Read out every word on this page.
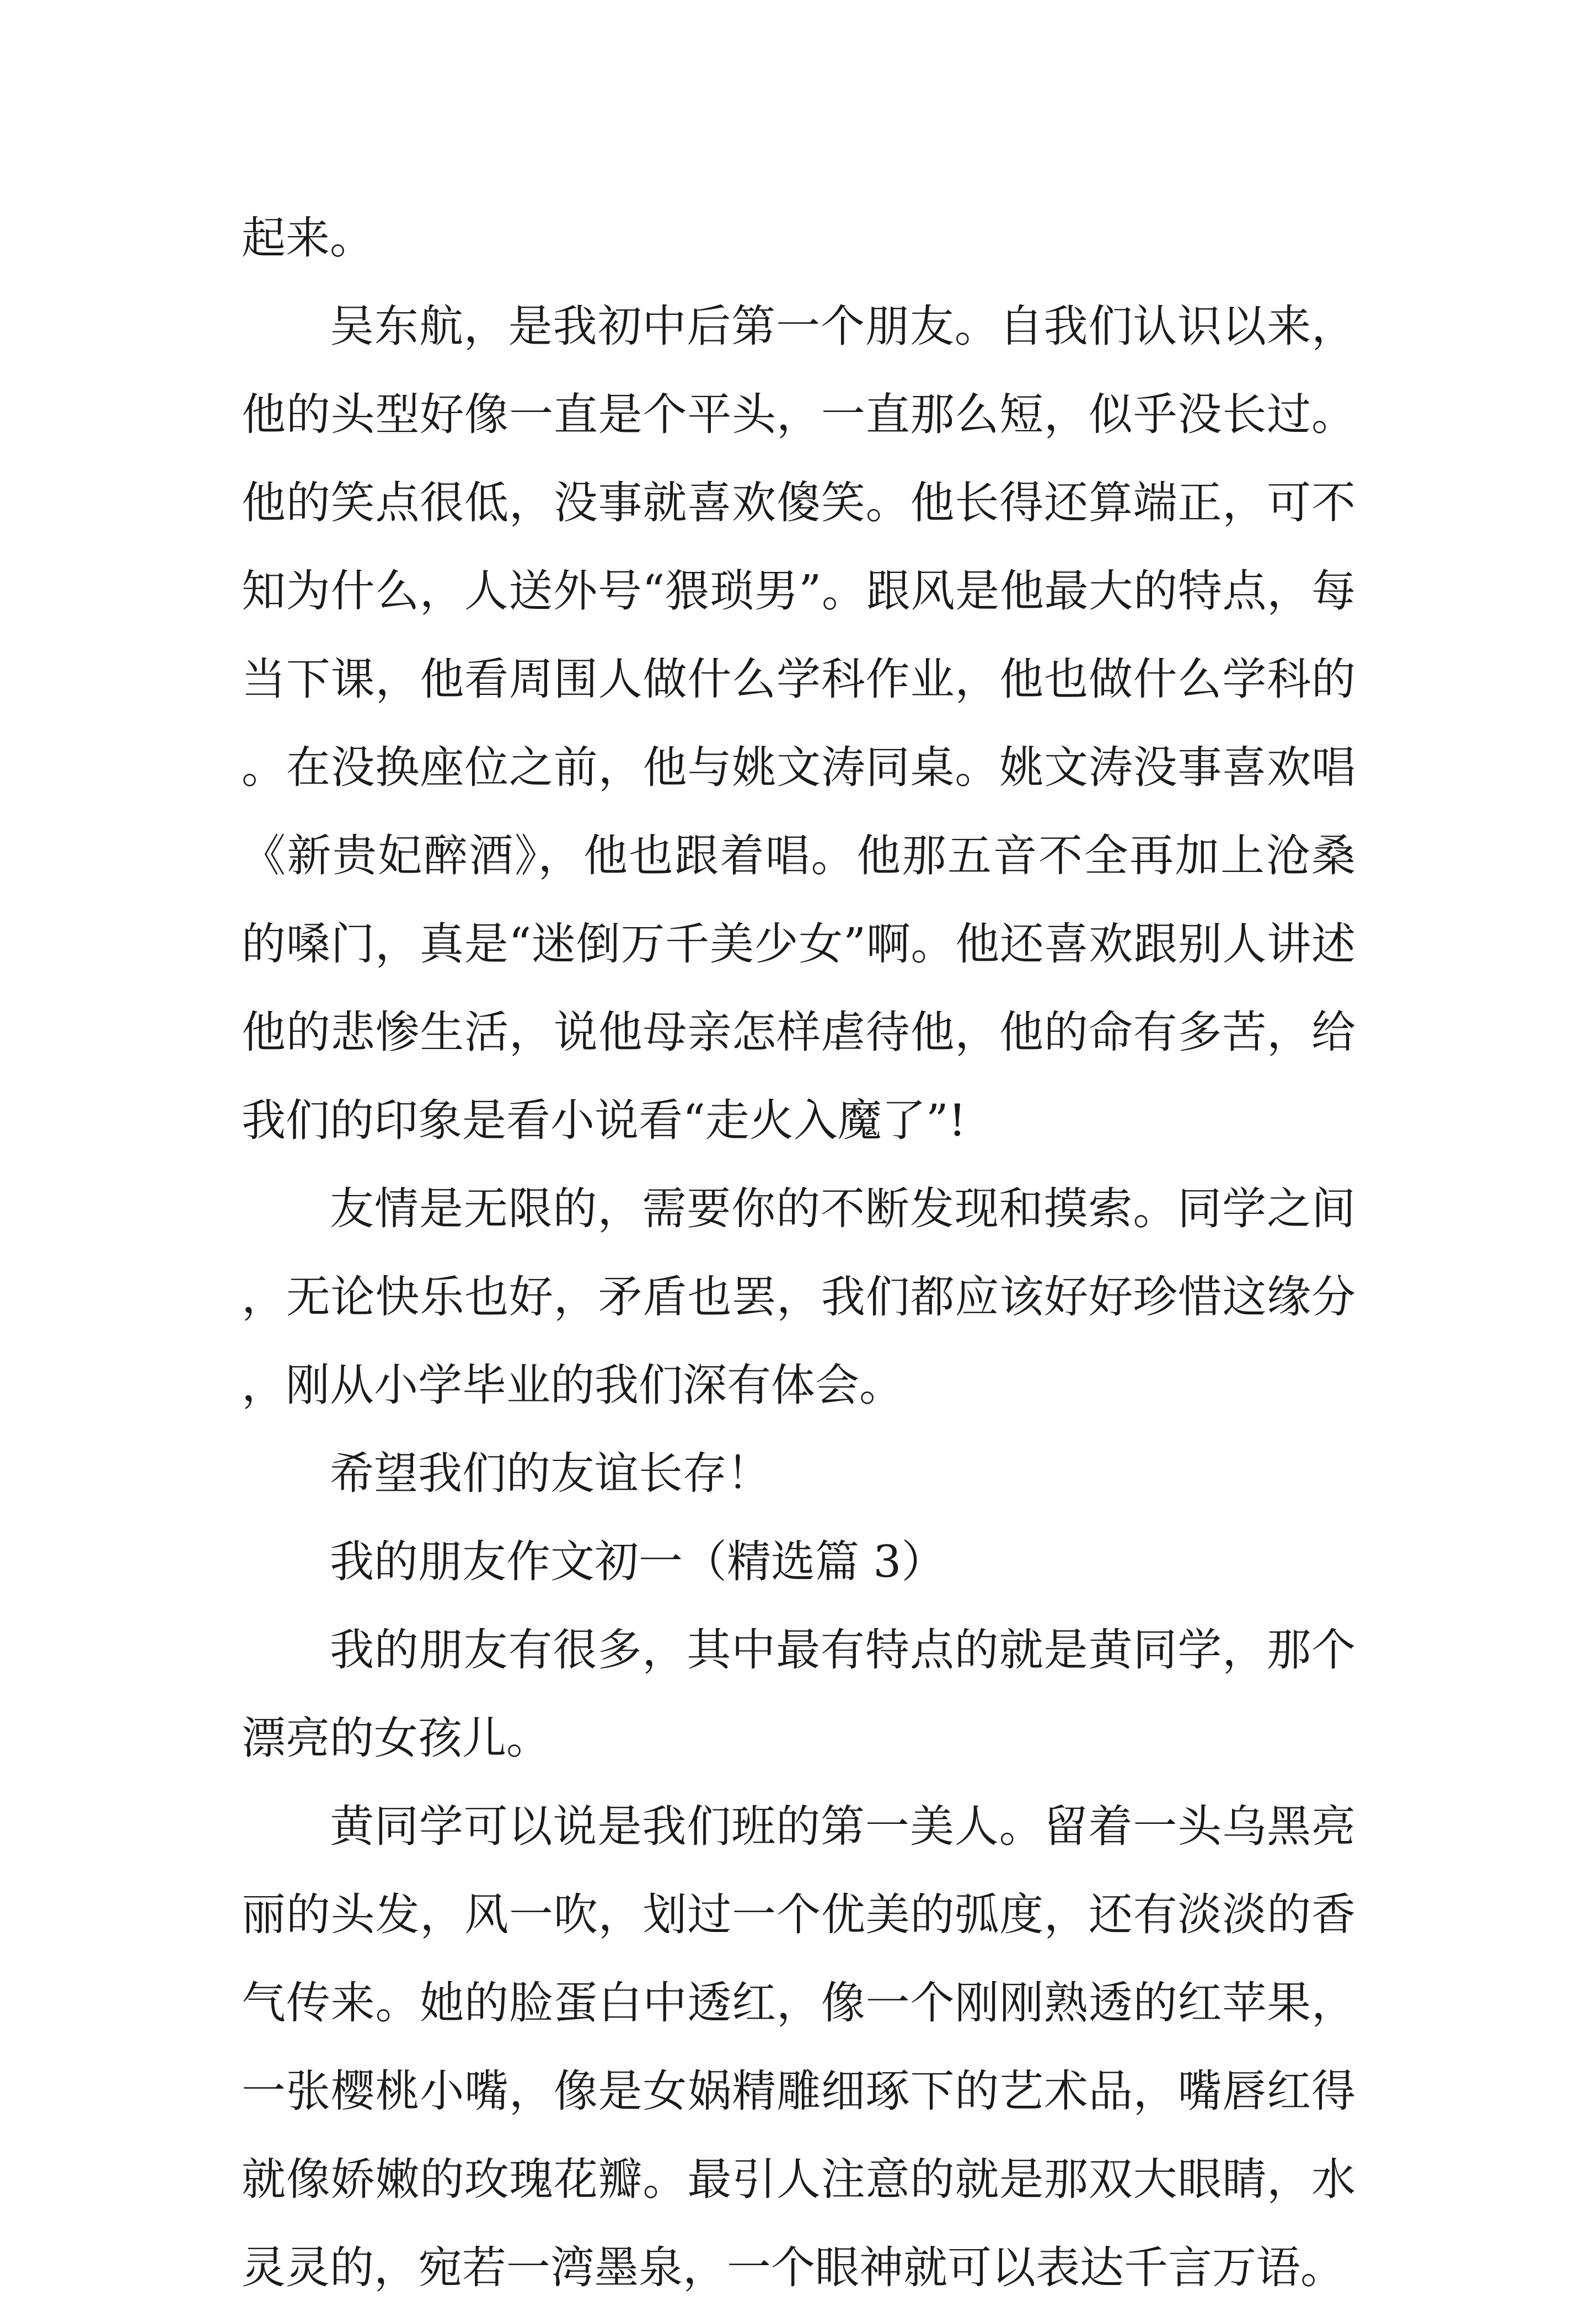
起来。

吴东航，是我初中后第一个朋友。自我们认识以来，他的头型好像一直是个平头，一直那么短，似乎没长过。他的笑点很低，没事就喜欢傻笑。他长得还算端正，可不知为什么，人送外号“猥琐男”。跟风是他最大的特点，每当下课，他看周围人做什么学科作业，他也做什么学科的。在没换座位之前，他与姚文涛同桌。姚文涛没事喜欢唱《新贵妃醉酒》，他也跟着唱。他那五音不全再加上沧桑的嗓门，真是“迷倒万千美少女”啊。他还喜欢跟别人讲述他的悲惨生活，说他母亲怎样虐待他，他的命有多苦，给我们的印象是看小说看“走火入魔了”!

友情是无限的，需要你的不断发现和摸索。同学之间，无论快乐也好，矛盾也罢，我们都应该好好珍惜这缘分，刚从小学毕业的我们深有体会。

希望我们的友谊长存！

我的朋友作文初一（精选篇 3）

我的朋友有很多，其中最有特点的就是黄同学，那个漂亮的女孩儿。

黄同学可以说是我们班的第一美人。留着一头乌黑亮丽的头发，风一吹，划过一个优美的弧度，还有淡淡的香气传来。她的脸蛋白中透红，像一个刚刚熟透的红苹果，一张樱桃小嘴，像是女娲精雕细琢下的艺术品，嘴唇红得就像娇嫩的玫瑰花瓣。最引人注意的就是那双大眼睛，水灵灵的，宛若一湾墨泉，一个眼神就可以表达千言万语。
